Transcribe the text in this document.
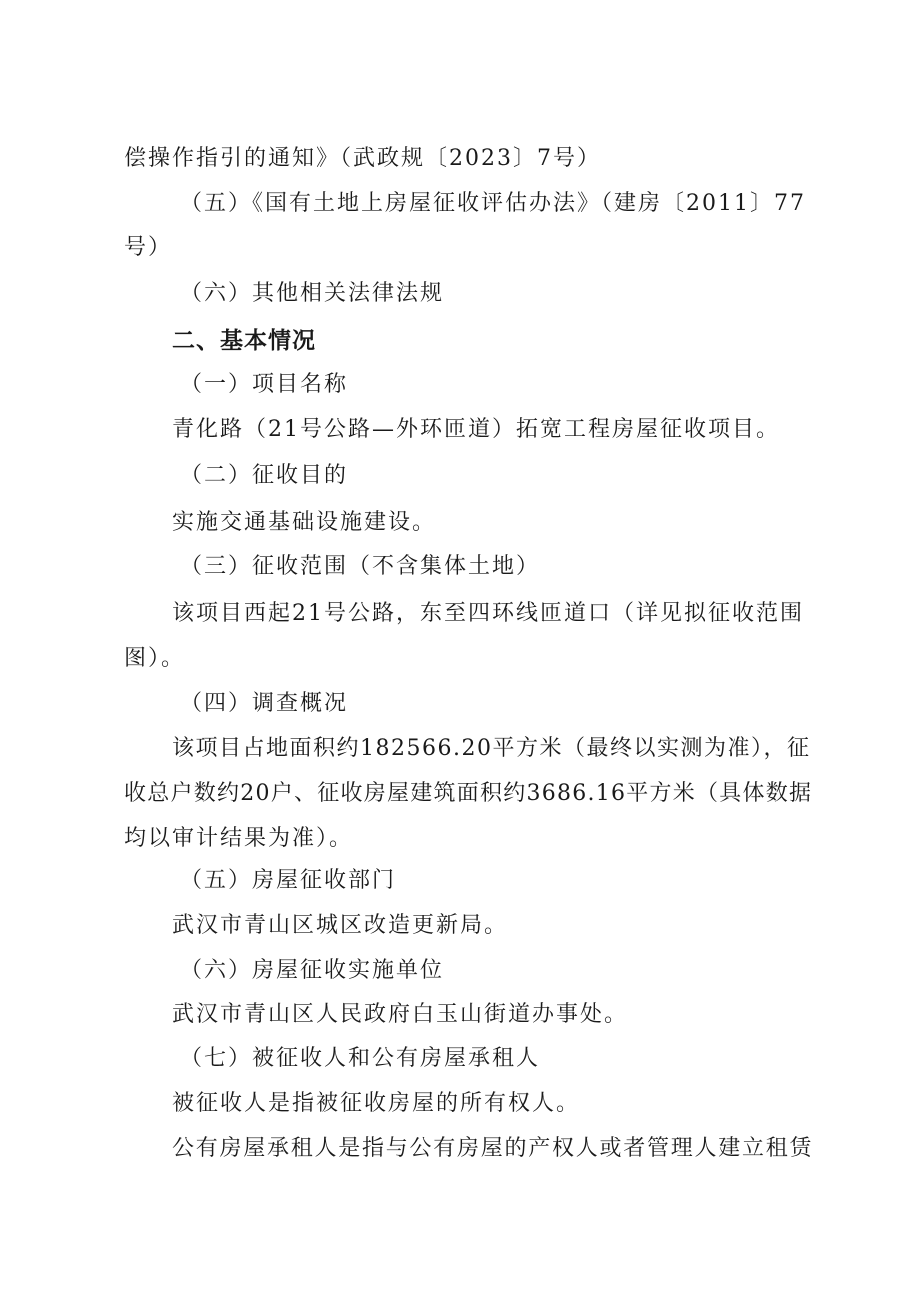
偿操作指引的通知》（武政规〔2023〕7号）
（五）《国有土地上房屋征收评估办法》（建房〔2011〕77
号）
（六）其他相关法律法规
二、基本情况
（一）项目名称
青化路（21号公路—外环匝道）拓宽工程房屋征收项目。
（二）征收目的
实施交通基础设施建设。
（三）征收范围（不含集体土地）
该项目西起21号公路，东至四环线匝道口（详见拟征收范围
图）。
（四）调查概况
该项目占地面积约182566.20平方米（最终以实测为准），征
收总户数约20户、征收房屋建筑面积约3686.16平方米（具体数据
均以审计结果为准）。
（五）房屋征收部门
武汉市青山区城区改造更新局。
（六）房屋征收实施单位
武汉市青山区人民政府白玉山街道办事处。
（七）被征收人和公有房屋承租人
被征收人是指被征收房屋的所有权人。
公有房屋承租人是指与公有房屋的产权人或者管理人建立租赁
